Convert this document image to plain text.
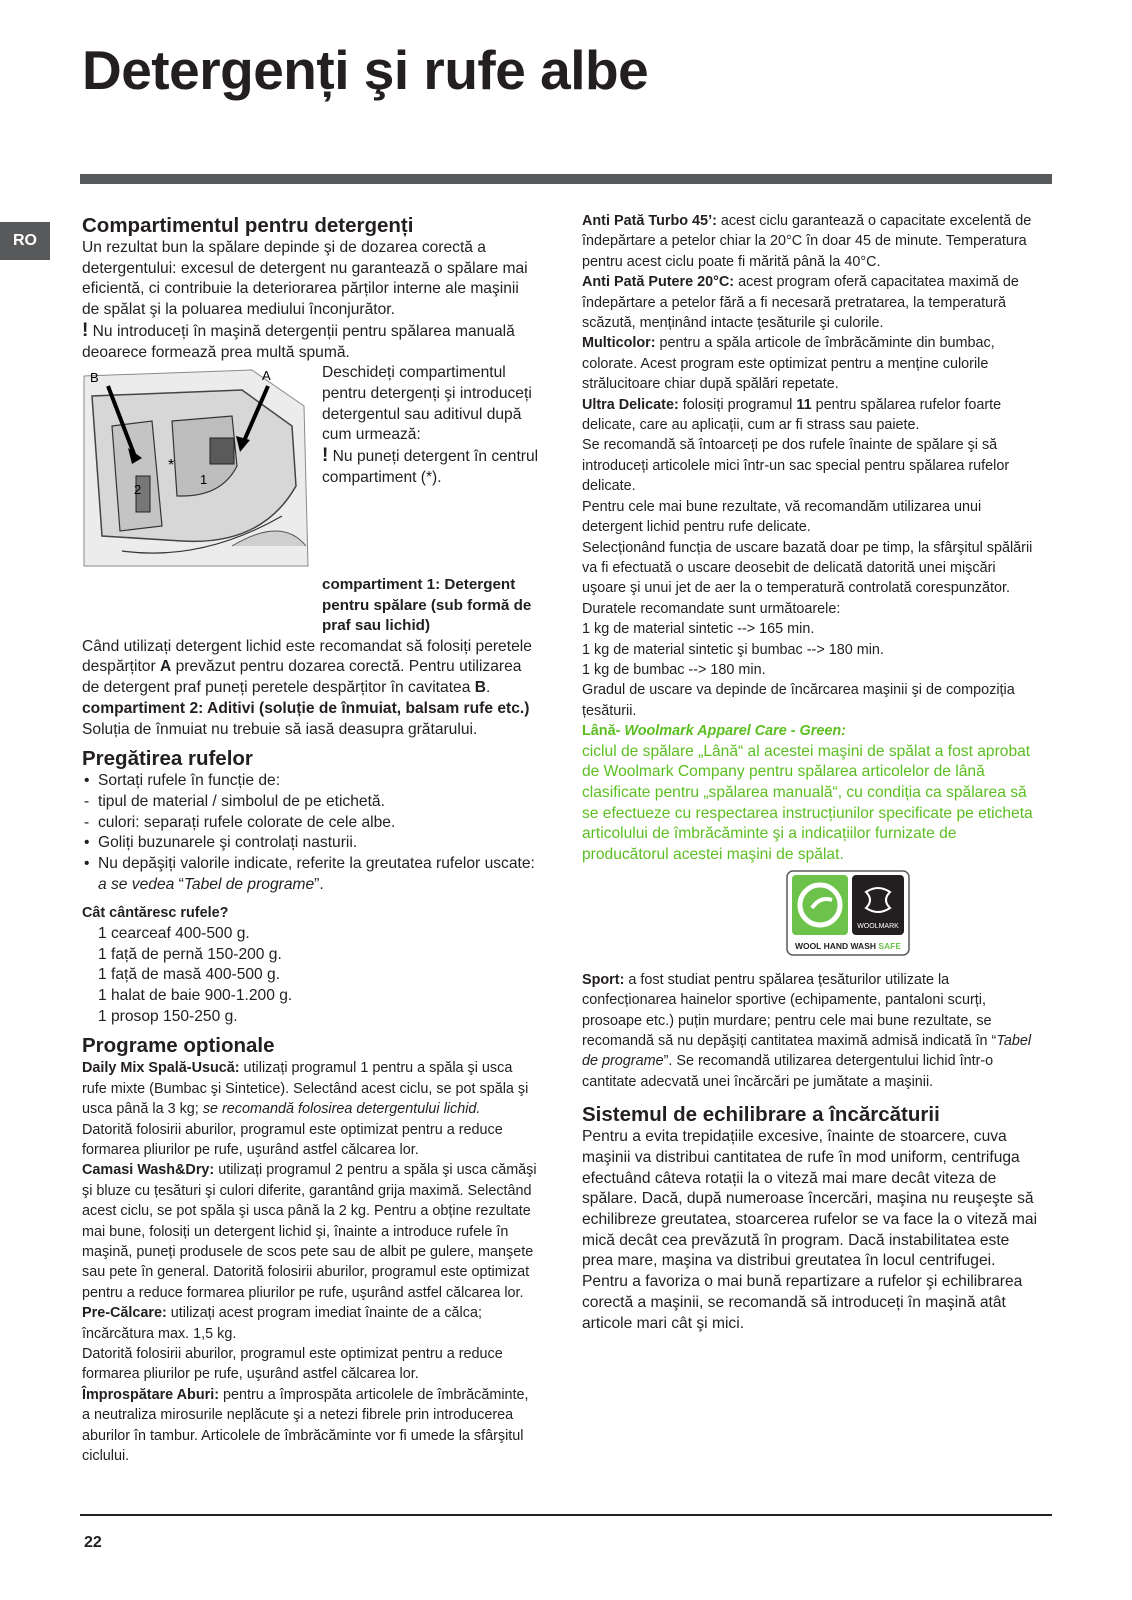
Detergenți şi rufe albe
RO
Compartimentul pentru detergenți

Un rezultat bun la spălare depinde şi de dozarea corectă a detergentului: excesul de detergent nu garantează o spălare mai eficientă, ci contribuie la deteriorarea părților interne ale maşinii de spălat şi la poluarea mediului înconjurător.

! Nu introduceți în maşină detergenții pentru spălarea manuală deoarece formează prea multă spumă.

B	A
*
1
2

Deschideți compartimentul pentru detergenți şi introduceți detergentul sau aditivul după cum urmează:

! Nu puneți detergent în centrul compartiment (*).

compartiment 1: Detergent pentru spălare (sub formă de praf sau lichid)

Când utilizați detergent lichid este recomandat să folosiți peretele despărțitor A prevăzut pentru dozarea corectă. Pentru utilizarea de detergent praf puneți peretele despărțitor în cavitatea B.

compartiment 2: Aditivi (soluție de înmuiat, balsam rufe etc.)

Soluția de înmuiat nu trebuie să iasă deasupra grătarului.

Pregătirea rufelor
• Sortați rufele în funcție de:
- tipul de material / simbolul de pe etichetă.
- culori: separați rufele colorate de cele albe.
• Goliți buzunarele şi controlați nasturii.
• Nu depăşiți valorile indicate, referite la greutatea rufelor uscate: a se vedea “Tabel de programe”.

Cât cântăresc rufele?

1 cearceaf 400-500 g.

1 față de pernă 150-200 g.

1 față de masă 400-500 g.

1 halat de baie 900-1.200 g.

1 prosop 150-250 g.

Programe optionale

Daily Mix Spală-Usucă: utilizați programul 1 pentru a spăla şi usca rufe mixte (Bumbac şi Sintetice). Selectând acest ciclu, se pot spăla şi usca până la 3 kg; se recomandă folosirea detergentului lichid.

Datorită folosirii aburilor, programul este optimizat pentru a reduce formarea pliurilor pe rufe, uşurând astfel călcarea lor.

Camasi Wash&Dry: utilizați programul 2 pentru a spăla şi usca cămăşi şi bluze cu țesături şi culori diferite, garantând grija maximă. Selectând acest ciclu, se pot spăla şi usca până la 2 kg. Pentru a obține rezultate mai bune, folosiți un detergent lichid şi, înainte a introduce rufele în maşină, puneți produsele de scos pete sau de albit pe gulere, manşete sau pete în general. Datorită folosirii aburilor, programul este optimizat pentru a reduce formarea pliurilor pe rufe, uşurând astfel călcarea lor.

Pre-Călcare: utilizați acest program imediat înainte de a călca; încărcătura max. 1,5 kg.

Datorită folosirii aburilor, programul este optimizat pentru a reduce formarea pliurilor pe rufe, uşurând astfel călcarea lor.

Împrospătare Aburi: pentru a împrospăta articolele de îmbrăcăminte, a neutraliza mirosurile neplăcute şi a netezi fibrele prin introducerea aburilor în tambur. Articolele de îmbrăcăminte vor fi umede la sfârşitul ciclului.

Anti Pată Turbo 45’: acest ciclu garantează o capacitate excelentă de îndepărtare a petelor chiar la 20°C în doar 45 de minute. Temperatura pentru acest ciclu poate fi mărită până la 40°C.

Anti Pată Putere 20°C: acest program oferă capacitatea maximă de îndepărtare a petelor fără a fi necesară pretratarea, la temperatură scăzută, menținând intacte țesăturile şi culorile.

Multicolor: pentru a spăla articole de îmbrăcăminte din bumbac, colorate. Acest program este optimizat pentru a menține culorile strălucitoare chiar după spălări repetate.

Ultra Delicate: folosiți programul 11 pentru spălarea rufelor foarte delicate, care au aplicații, cum ar fi strass sau paiete.

Se recomandă să întoarceți pe dos rufele înainte de spălare şi să introduceți articolele mici într-un sac special pentru spălarea rufelor delicate.

Pentru cele mai bune rezultate, vă recomandăm utilizarea unui detergent lichid pentru rufe delicate.

Selecționând funcția de uscare bazată doar pe timp, la sfârşitul spălării va fi efectuată o uscare deosebit de delicată datorită unei mişcări uşoare şi unui jet de aer la o temperatură controlată corespunzător.

Duratele recomandate sunt următoarele:

1 kg de material sintetic --> 165 min.

1 kg de material sintetic şi bumbac --> 180 min.

1 kg de bumbac --> 180 min.

Gradul de uscare va depinde de încărcarea maşinii şi de compoziția țesăturii.

Lână- Woolmark Apparel Care - Green:

ciclul de spălare „Lână“ al acestei maşini de spălat a fost aprobat de Woolmark Company pentru spălarea articolelor de lână clasificate pentru „spălarea manuală“, cu condiția ca spălarea să se efectueze cu respectarea instrucțiunilor specificate pe eticheta articolului de îmbrăcăminte şi a indicațiilor furnizate de producătorul acestei maşini de spălat.

WOOLMARK
WOOL HAND WASH SAFE

Sport: a fost studiat pentru spălarea țesăturilor utilizate la confecționarea hainelor sportive (echipamente, pantaloni scurți, prosoape etc.) puțin murdare; pentru cele mai bune rezultate, se recomandă să nu depăşiți cantitatea maximă admisă indicată în “Tabel de programe”. Se recomandă utilizarea detergentului lichid într-o cantitate adecvată unei încărcări pe jumătate a maşinii.

Sistemul de echilibrare a încărcăturii

Pentru a evita trepidațiile excesive, înainte de stoarcere, cuva maşinii va distribui cantitatea de rufe în mod uniform, centrifuga efectuând câteva rotații la o viteză mai mare decât viteza de spălare. Dacă, după numeroase încercări, maşina nu reuşeşte să echilibreze greutatea, stoarcerea rufelor se va face la o viteză mai mică decât cea prevăzută în program. Dacă instabilitatea este prea mare, maşina va distribui greutatea în locul centrifugei. Pentru a favoriza o mai bună repartizare a rufelor şi echilibrarea corectă a maşinii, se recomandă să introduceți în maşină atât articole mari cât şi mici.

22
